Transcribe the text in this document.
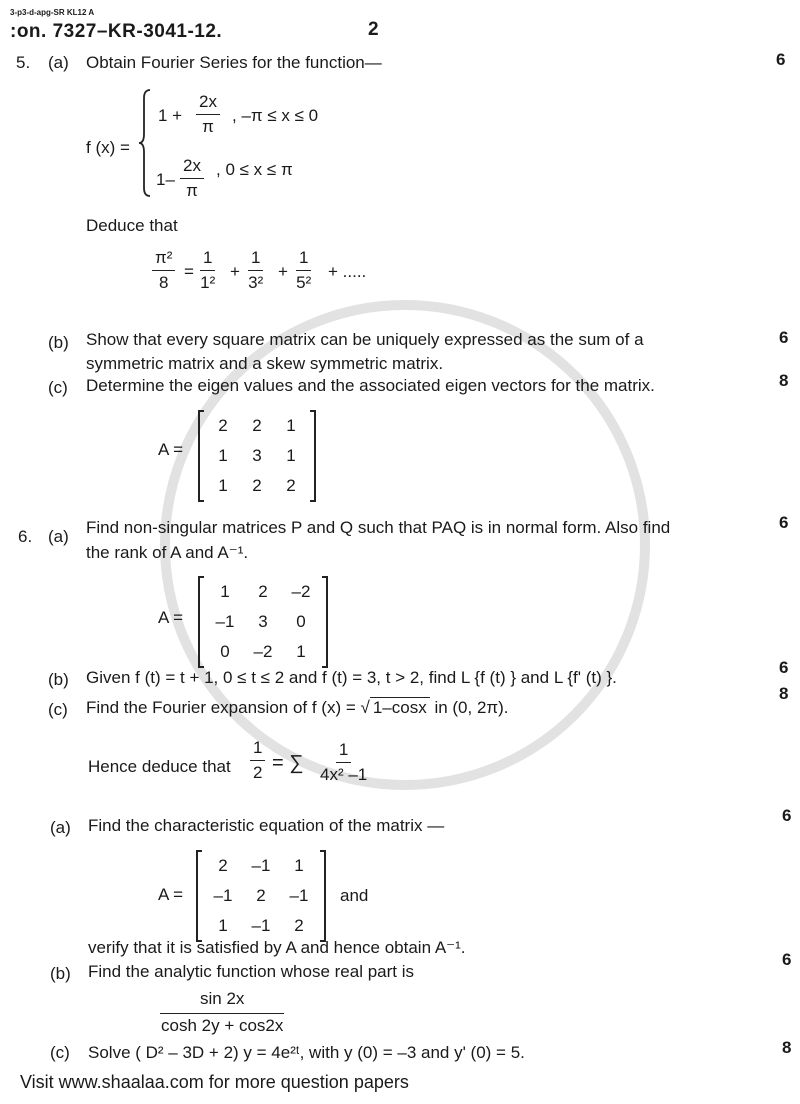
3-p3-d-apg-SR KL12 A
:on. 7327–KR-3041-12.	2
5. (a) Obtain Fourier Series for the function—	6
f (x) =
$1 + \frac{2x}{\pi}$ , –π ≤ x ≤ 0
$1- \frac{2x}{\pi}$ , 0 ≤ x ≤ π
Deduce that
$\frac{\text{π²}}{8} = \frac{1}{\text{1²}} + \frac{1}{\text{3²}} + \frac{1}{\text{5²}}$ + .....
(b) Show that every square matrix can be uniquely expressed as the sum of a
symmetric matrix and a skew symmetric matrix.
6
(c) Determine the eigen values and the associated eigen vectors for the matrix.	8
A =
2	2	1
1	3	1
1	2	2
6. (a) Find non-singular matrices P and Q such that PAQ is in normal form. Also find
the rank of A and A⁻¹.
6
A =
1	2	–2
–1	3	0
0	–2	1
(b) Given f (t) = t + 1, 0 ≤ t ≤ 2 and f (t) = 3, t > 2, find L {f (t) } and L {f' (t) }.
6
(c) Find the Fourier expansion of f (x) = √ 1–cosx in (0, 2π).
8
Hence deduce that $\frac{1}{2}$ = ∑ $\frac{1}{\text{4x² –1}}$
(a) Find the characteristic equation of the matrix —
6
A =
2	–1	1
–1	2	–1
1	–1	2
and
verify that it is satisfied by A and hence obtain A⁻¹.
(b) Find the analytic function whose real part is
6
$\frac{\sin 2x}{\cosh 2y + \cos 2x}$
(c) Solve ( D² – 3D + 2) y = 4e²ᵗ, with y (0) = –3 and y' (0) = 5.	8
Visit www.shaalaa.com for more question papers
